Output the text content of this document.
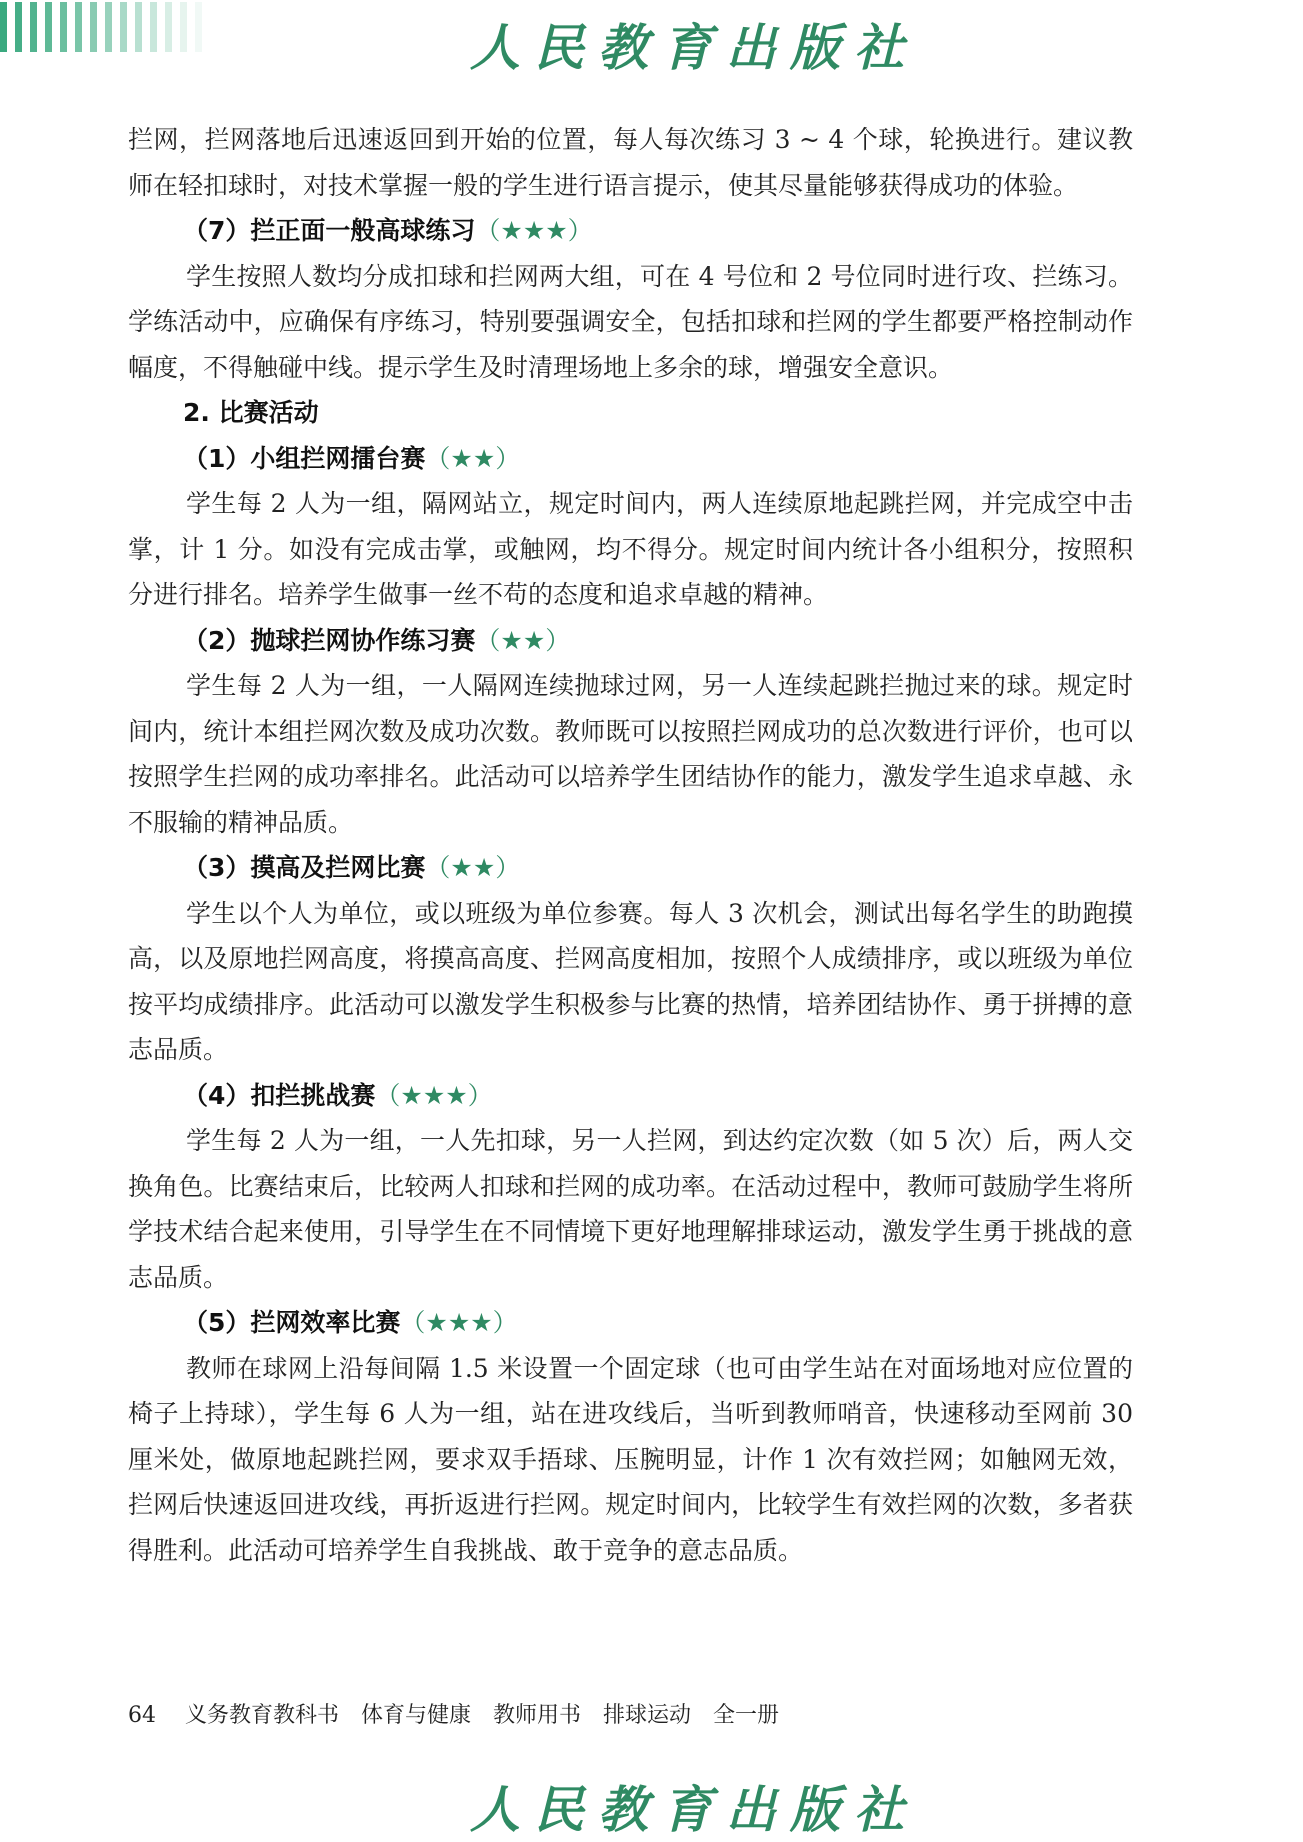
人民教育出版社

拦网，拦网落地后迅速返回到开始的位置，每人每次练习 3 ~ 4 个球，轮换进行。建议教师在轻扣球时，对技术掌握一般的学生进行语言提示，使其尽量能够获得成功的体验。

（7）拦正面一般高球练习（★★★）

学生按照人数均分成扣球和拦网两大组，可在 4 号位和 2 号位同时进行攻、拦练习。学练活动中，应确保有序练习，特别要强调安全，包括扣球和拦网的学生都要严格控制动作幅度，不得触碰中线。提示学生及时清理场地上多余的球，增强安全意识。

2. 比赛活动

（1）小组拦网擂台赛（★★）

学生每 2 人为一组，隔网站立，规定时间内，两人连续原地起跳拦网，并完成空中击掌，计 1 分。如没有完成击掌，或触网，均不得分。规定时间内统计各小组积分，按照积分进行排名。培养学生做事一丝不苟的态度和追求卓越的精神。

（2）抛球拦网协作练习赛（★★）

学生每 2 人为一组，一人隔网连续抛球过网，另一人连续起跳拦抛过来的球。规定时间内，统计本组拦网次数及成功次数。教师既可以按照拦网成功的总次数进行评价，也可以按照学生拦网的成功率排名。此活动可以培养学生团结协作的能力，激发学生追求卓越、永不服输的精神品质。

（3）摸高及拦网比赛（★★）

学生以个人为单位，或以班级为单位参赛。每人 3 次机会，测试出每名学生的助跑摸高，以及原地拦网高度，将摸高高度、拦网高度相加，按照个人成绩排序，或以班级为单位按平均成绩排序。此活动可以激发学生积极参与比赛的热情，培养团结协作、勇于拼搏的意志品质。

（4）扣拦挑战赛（★★★）

学生每 2 人为一组，一人先扣球，另一人拦网，到达约定次数（如 5 次）后，两人交换角色。比赛结束后，比较两人扣球和拦网的成功率。在活动过程中，教师可鼓励学生将所学技术结合起来使用，引导学生在不同情境下更好地理解排球运动，激发学生勇于挑战的意志品质。

（5）拦网效率比赛（★★★）

教师在球网上沿每间隔 1.5 米设置一个固定球（也可由学生站在对面场地对应位置的椅子上持球），学生每 6 人为一组，站在进攻线后，当听到教师哨音，快速移动至网前 30 厘米处，做原地起跳拦网，要求双手捂球、压腕明显，计作 1 次有效拦网；如触网无效，拦网后快速返回进攻线，再折返进行拦网。规定时间内，比较学生有效拦网的次数，多者获得胜利。此活动可培养学生自我挑战、敢于竞争的意志品质。

64 义务教育教科书　体育与健康　教师用书　排球运动　全一册
人民教育出版社
